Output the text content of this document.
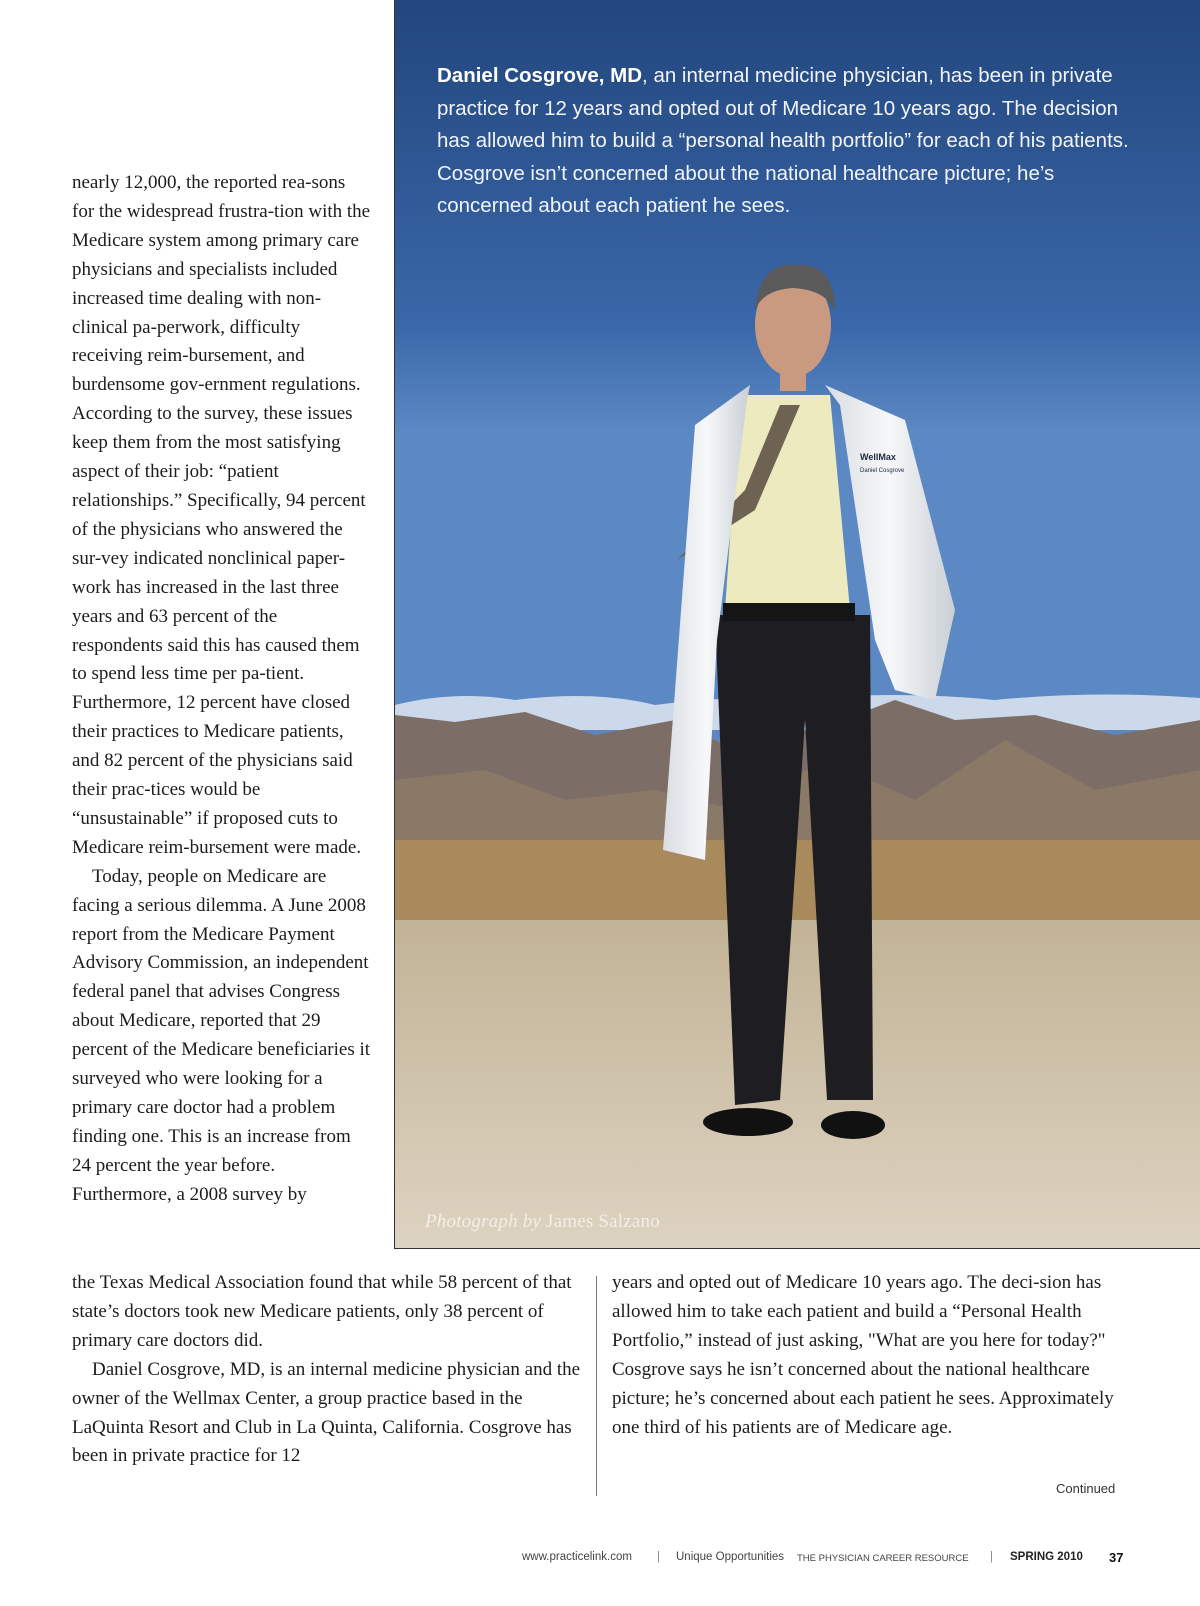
nearly 12,000, the reported rea-sons for the widespread frustra-tion with the Medicare system among primary care physicians and specialists included increased time dealing with non-clinical pa-perwork, difficulty receiving reim-bursement, and burdensome gov-ernment regulations. According to the survey, these issues keep them from the most satisfying aspect of their job: “patient relationships.” Specifically, 94 percent of the physicians who answered the sur-vey indicated nonclinical paper-work has increased in the last three years and 63 percent of the respondents said this has caused them to spend less time per pa-tient. Furthermore, 12 percent have closed their practices to Medicare patients, and 82 percent of the physicians said their prac-tices would be “unsustainable” if proposed cuts to Medicare reim-bursement were made.

Today, people on Medicare are facing a serious dilemma. A June 2008 report from the Medicare Payment Advisory Commission, an independent federal panel that advises Congress about Medicare, reported that 29 percent of the Medicare beneficiaries it surveyed who were looking for a primary care doctor had a problem finding one. This is an increase from 24 percent the year before. Furthermore, a 2008 survey by

WellMax
Daniel Cosgrove
Daniel Cosgrove, MD, an internal medicine physician, has been in private practice for 12 years and opted out of Medicare 10 years ago. The decision has allowed him to build a “personal health portfolio” for each of his patients. Cosgrove isn’t concerned about the national healthcare picture; he’s concerned about each patient he sees.
Photograph by James Salzano

the Texas Medical Association found that while 58 percent of that state’s doctors took new Medicare patients, only 38 percent of primary care doctors did.

Daniel Cosgrove, MD, is an internal medicine physician and the owner of the Wellmax Center, a group practice based in the LaQuinta Resort and Club in La Quinta, California. Cosgrove has been in private practice for 12

years and opted out of Medicare 10 years ago. The deci-sion has allowed him to take each patient and build a “Personal Health Portfolio,” instead of just asking, "What are you here for today?" Cosgrove says he isn’t concerned about the national healthcare picture; he’s concerned about each patient he sees. Approximately one third of his patients are of Medicare age.

Continued
www.practicelink.com | Unique Opportunities THE PHYSICIAN CAREER RESOURCE | SPRING 2010 37
